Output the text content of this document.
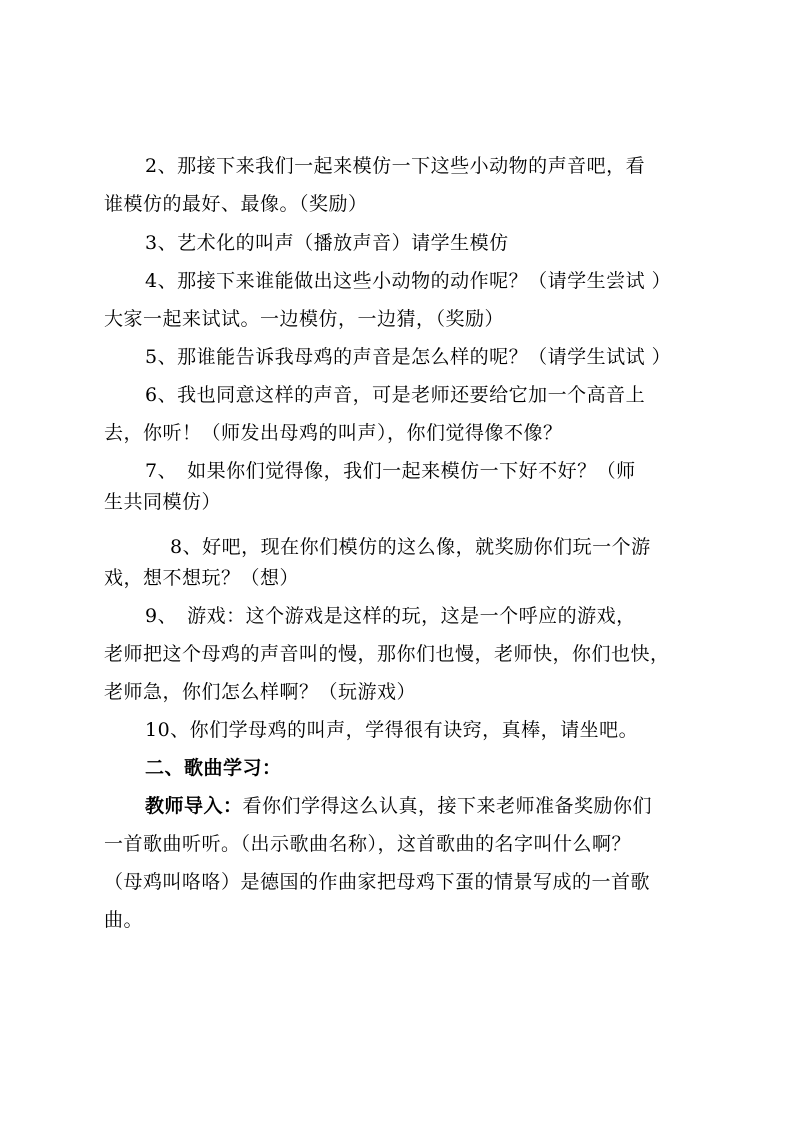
2、那接下来我们一起来模仿一下这些小动物的声音吧，看
谁模仿的最好、最像。（奖励）
3、艺术化的叫声（播放声音）请学生模仿
4、那接下来谁能做出这些小动物的动作呢？（请学生尝试 ）
大家一起来试试。一边模仿，一边猜，（奖励）
5、那谁能告诉我母鸡的声音是怎么样的呢？（请学生试试 ）
6、我也同意这样的声音，可是老师还要给它加一个高音上
去，你听！（师发出母鸡的叫声），你们觉得像不像？
7、　如果你们觉得像，我们一起来模仿一下好不好？（师
生共同模仿）
8、好吧，现在你们模仿的这么像，就奖励你们玩一个游
戏，想不想玩？（想）
9、　游戏：这个游戏是这样的玩，这是一个呼应的游戏，
老师把这个母鸡的声音叫的慢，那你们也慢，老师快，你们也快，
老师急，你们怎么样啊？（玩游戏）
10、你们学母鸡的叫声，学得很有诀窍，真棒，请坐吧。
二、歌曲学习：
教师导入：看你们学得这么认真，接下来老师准备奖励你们
一首歌曲听听。（出示歌曲名称），这首歌曲的名字叫什么啊？
（母鸡叫咯咯）是德国的作曲家把母鸡下蛋的情景写成的一首歌
曲。
